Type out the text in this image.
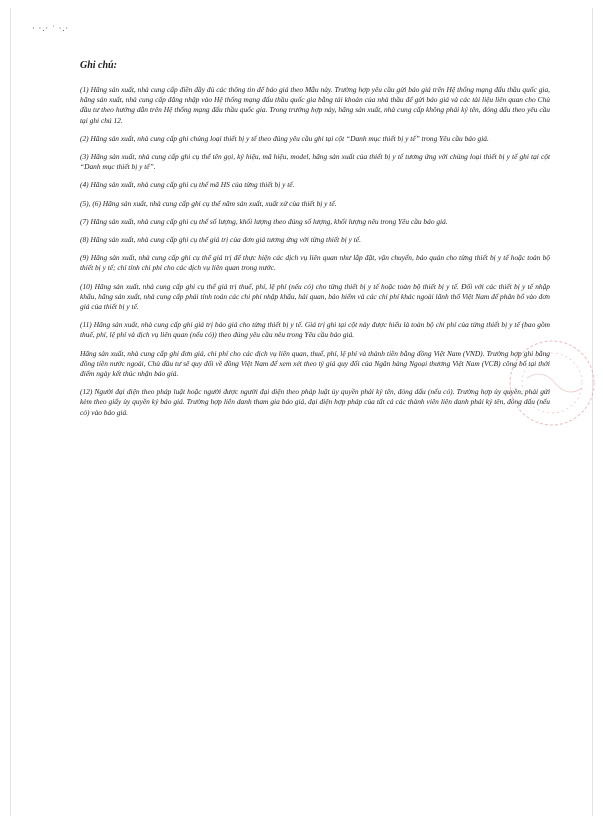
· ·.· ˙ ·.·

Ghi chú:

(1) Hãng sản xuất, nhà cung cấp điền đầy đủ các thông tin để báo giá theo Mẫu này. Trường hợp yêu cầu gửi báo giá trên Hệ thống mạng đấu thầu quốc gia, hãng sản xuất, nhà cung cấp đăng nhập vào Hệ thống mạng đấu thầu quốc gia bằng tài khoản của nhà thầu để gửi báo giá và các tài liệu liên quan cho Chủ đầu tư theo hướng dẫn trên Hệ thống mạng đấu thầu quốc gia. Trong trường hợp này, hãng sản xuất, nhà cung cấp không phải ký tên, đóng dấu theo yêu cầu tại ghi chú 12.

(2) Hãng sản xuất, nhà cung cấp ghi chủng loại thiết bị y tế theo đúng yêu cầu ghi tại cột “Danh mục thiết bị y tế” trong Yêu cầu báo giá.

(3) Hãng sản xuất, nhà cung cấp ghi cụ thể tên gọi, ký hiệu, mã hiệu, model, hãng sản xuất của thiết bị y tế tương ứng với chủng loại thiết bị y tế ghi tại cột “Danh mục thiết bị y tế”.

(4) Hãng sản xuất, nhà cung cấp ghi cụ thể mã HS của từng thiết bị y tế.

(5), (6) Hãng sản xuất, nhà cung cấp ghi cụ thể năm sản xuất, xuất xứ của thiết bị y tế.

(7) Hãng sản xuất, nhà cung cấp ghi cụ thể số lượng, khối lượng theo đúng số lượng, khối lượng nêu trong Yêu cầu báo giá.

(8) Hãng sản xuất, nhà cung cấp ghi cụ thể giá trị của đơn giá tương ứng với từng thiết bị y tế.

(9) Hãng sản xuất, nhà cung cấp ghi cụ thể giá trị để thực hiện các dịch vụ liên quan như lắp đặt, vận chuyển, bảo quản cho từng thiết bị y tế hoặc toàn bộ thiết bị y tế; chỉ tính chi phí cho các dịch vụ liên quan trong nước.

(10) Hãng sản xuất, nhà cung cấp ghi cụ thể giá trị thuế, phí, lệ phí (nếu có) cho từng thiết bị y tế hoặc toàn bộ thiết bị y tế. Đối với các thiết bị y tế nhập khẩu, hãng sản xuất, nhà cung cấp phải tính toán các chi phí nhập khẩu, hải quan, bảo hiểm và các chi phí khác ngoài lãnh thổ Việt Nam để phân bổ vào đơn giá của thiết bị y tế.

(11) Hãng sản xuất, nhà cung cấp ghi giá trị báo giá cho từng thiết bị y tế. Giá trị ghi tại cột này được hiểu là toàn bộ chi phí của từng thiết bị y tế (bao gồm thuế, phí, lệ phí và dịch vụ liên quan (nếu có)) theo đúng yêu cầu nêu trong Yêu cầu báo giá.

Hãng sản xuất, nhà cung cấp ghi đơn giá, chi phí cho các dịch vụ liên quan, thuế, phí, lệ phí và thành tiền bằng đồng Việt Nam (VND). Trường hợp ghi bằng đồng tiền nước ngoài, Chủ đầu tư sẽ quy đổi về đồng Việt Nam để xem xét theo tỷ giá quy đổi của Ngân hàng Ngoại thương Việt Nam (VCB) công bố tại thời điểm ngày kết thúc nhận báo giá.

(12) Người đại diện theo pháp luật hoặc người được người đại diện theo pháp luật ủy quyền phải ký tên, đóng dấu (nếu có). Trường hợp ủy quyền, phải gửi kèm theo giấy ủy quyền ký báo giá. Trường hợp liên danh tham gia báo giá, đại diện hợp pháp của tất cả các thành viên liên danh phải ký tên, đóng dấu (nếu có) vào báo giá.
